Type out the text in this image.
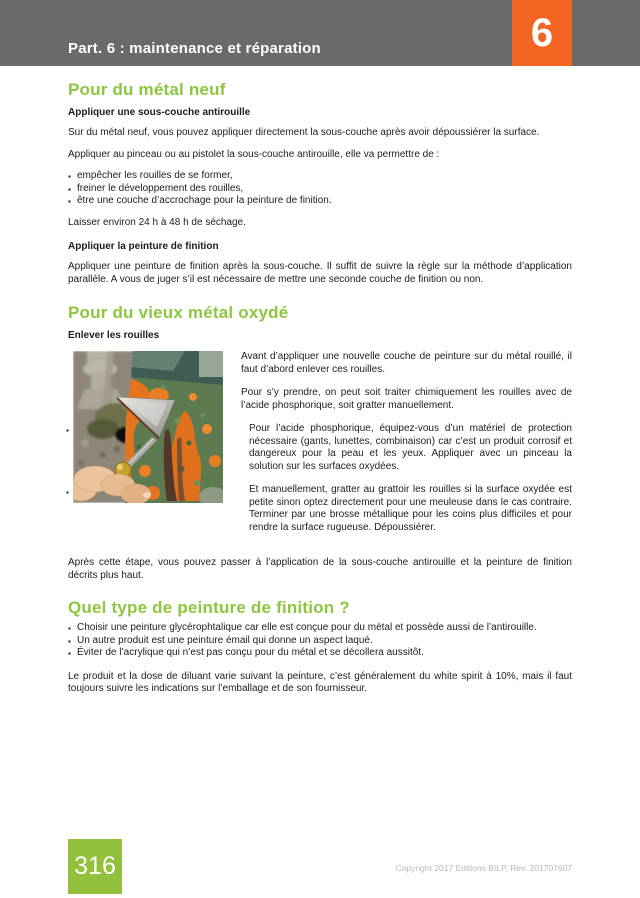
Part. 6 : maintenance et réparation	6
Pour du métal neuf
Appliquer une sous-couche antirouille

Sur du métal neuf, vous pouvez appliquer directement la sous-couche après avoir dépoussiérer la surface.

Appliquer au pinceau ou au pistolet la sous-couche antirouille, elle va permettre de :

▪ empêcher les rouilles de se former,
▪ freiner le développement des rouilles,
▪ être une couche d’accrochage pour la peinture de finition.

Laisser environ 24 h à 48 h de séchage.

Appliquer la peinture de finition

Appliquer une peinture de finition après la sous-couche. Il suffit de suivre la règle sur la méthode d’application parallèle. A vous de juger s’il est nécessaire de mettre une seconde couche de finition ou non.

Pour du vieux métal oxydé
Enlever les rouilles
▪
▪

Avant d’appliquer une nouvelle couche de peinture sur du métal rouillé, il faut d’abord enlever ces rouilles.

Pour s’y prendre, on peut soit traiter chimiquement les rouilles avec de l’acide phosphorique, soit gratter manuellement.

Pour l’acide phosphorique, équipez-vous d’un matériel de protection nécessaire (gants, lunettes, combinaison) car c’est un produit corrosif et dangereux pour la peau et les yeux. Appliquer avec un pinceau la solution sur les surfaces oxydées.

Et manuellement, gratter au grattoir les rouilles si la surface oxydée est petite sinon optez directement pour une meuleuse dans le cas contraire. Terminer par une brosse métallique pour les coins plus difficiles et pour rendre la surface rugueuse. Dépoussiérer.

Après cette étape, vous pouvez passer à l’application de la sous-couche antirouille et la peinture de finition décrits plus haut.

Quel type de peinture de finition ?
▪ Choisir une peinture glycérophtalique car elle est conçue pour du métal et possède aussi de l’antirouille.
▪ Un autre produit est une peinture émail qui donne un aspect laqué.
▪ Éviter de l’acrylique qui n’est pas conçu pour du métal et se décollera aussitôt.

Le produit et la dose de diluant varie suivant la peinture, c’est généralement du white spirit à 10%, mais il faut toujours suivre les indications sur l’emballage et de son fournisseur.

316	Copyright 2017 Editions BILP, Rev. 201707607
